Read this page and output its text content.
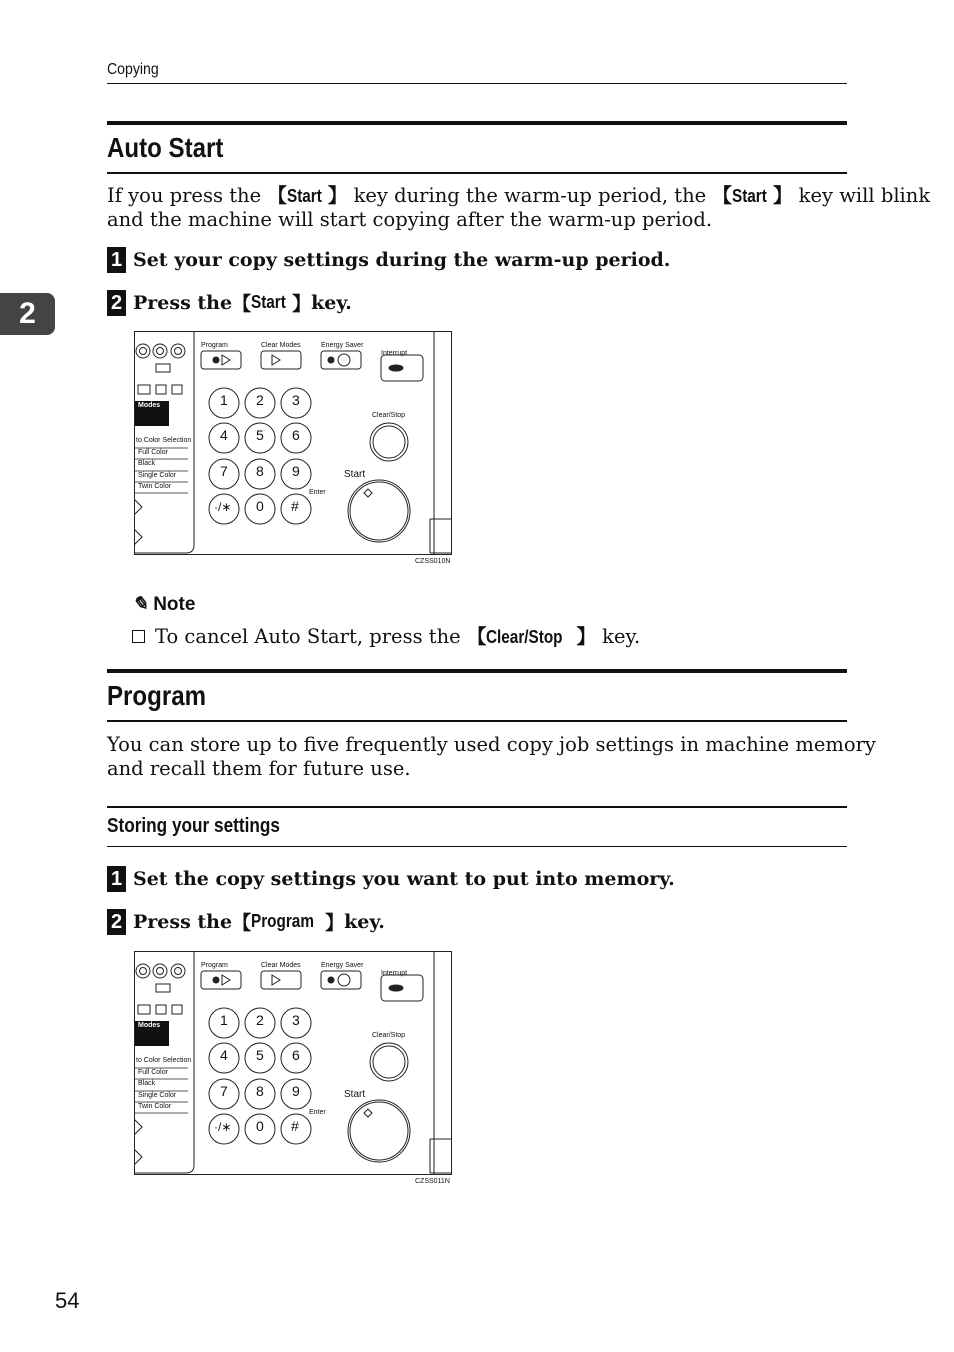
Copying
2
Auto Start
If you press the 【Start 】 key during the warm-up period, the 【Start 】 key will blink
and the machine will start copying after the warm-up period.
1 Set your copy settings during the warm-up period.
2 Press the 【 Start 】 key.
Program	Clear Modes	Energy Saver
Interrupt
Clear/Stop
Start
Enter
Modes
to Color Selection
Full Color
Black
Single Color
Twin Color
1 2 3
4 5 6
7 8 9
·/∗ 0 #
CZSS010N
✎ Note
To cancel Auto Start, press the 【Clear/Stop 】 key.
Program
You can store up to five frequently used copy job settings in machine memory
and recall them for future use.
Storing your settings
1 Set the copy settings you want to put into memory.
2 Press the 【 Program 】 key.
Program	Clear Modes	Energy Saver
Interrupt
Clear/Stop
Start
Enter
Modes
to Color Selection
Full Color
Black
Single Color
Twin Color
1 2 3
4 5 6
7 8 9
·/∗ 0 #
CZSS011N
54
